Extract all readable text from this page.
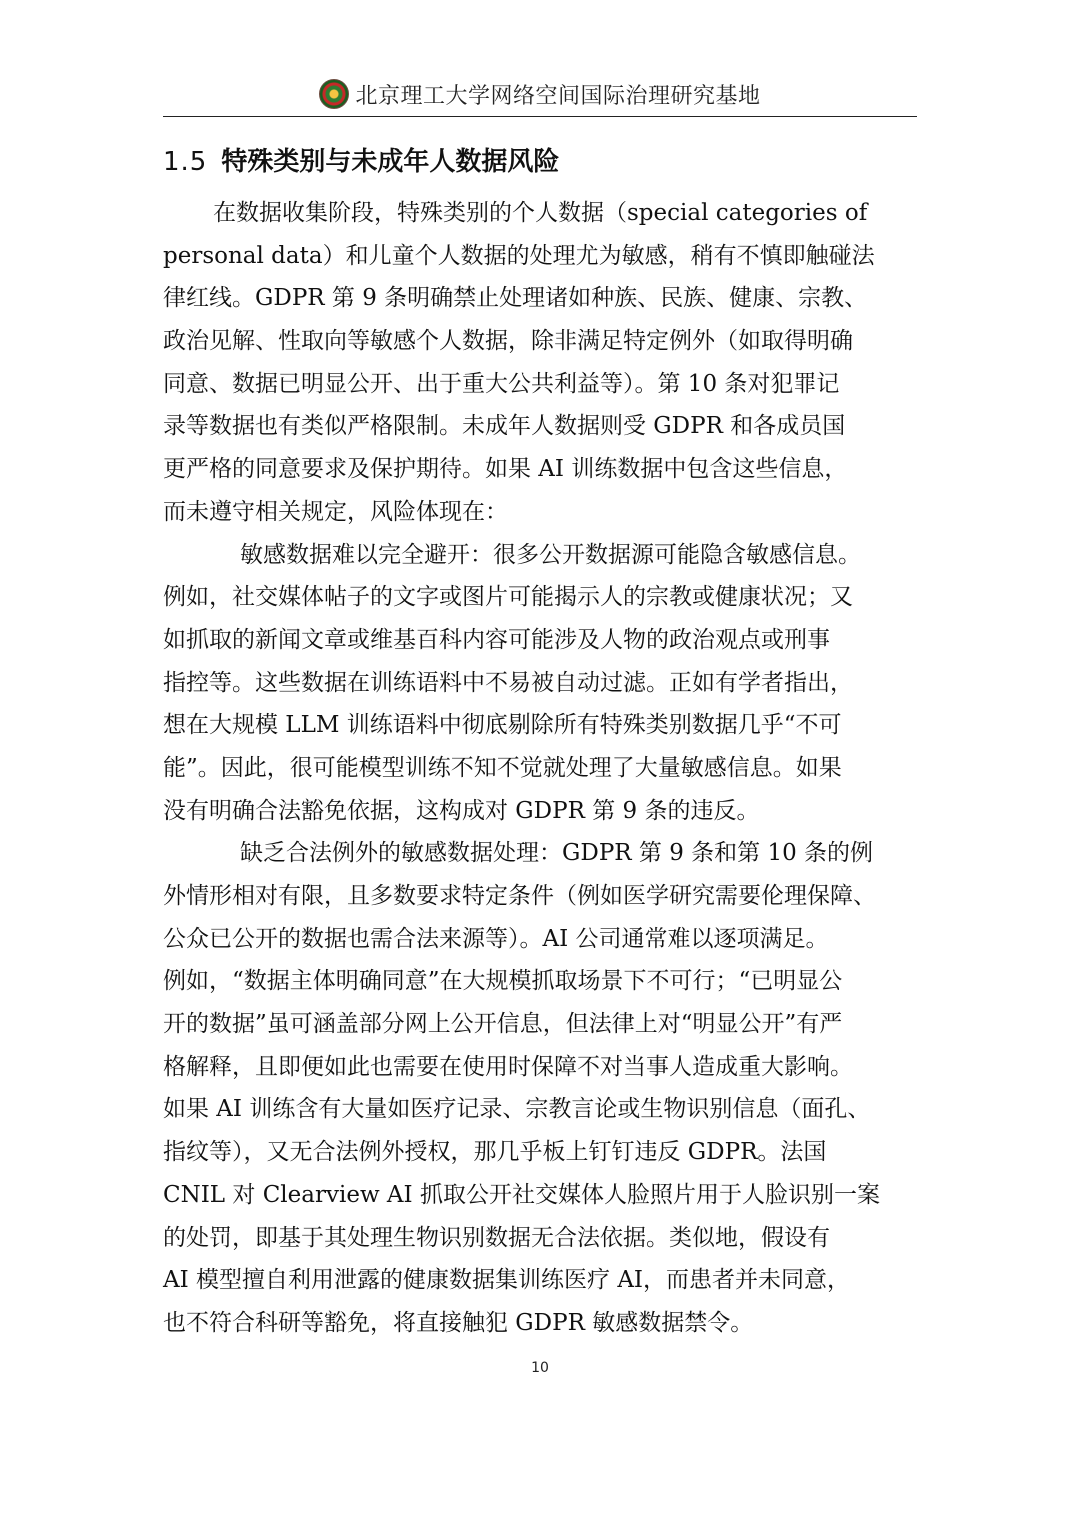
北京理工大学网络空间国际治理研究基地
1.5 特殊类别与未成年人数据风险
在数据收集阶段，特殊类别的个人数据（special categories of
personal data）和儿童个人数据的处理尤为敏感，稍有不慎即触碰法
律红线。GDPR 第 9 条明确禁止处理诸如种族、民族、健康、宗教、
政治见解、性取向等敏感个人数据，除非满足特定例外（如取得明确
同意、数据已明显公开、出于重大公共利益等）。第 10 条对犯罪记
录等数据也有类似严格限制。未成年人数据则受 GDPR 和各成员国
更严格的同意要求及保护期待。如果 AI 训练数据中包含这些信息，
而未遵守相关规定，风险体现在：
敏感数据难以完全避开：很多公开数据源可能隐含敏感信息。
例如，社交媒体帖子的文字或图片可能揭示人的宗教或健康状况；又
如抓取的新闻文章或维基百科内容可能涉及人物的政治观点或刑事
指控等。这些数据在训练语料中不易被自动过滤。正如有学者指出，
想在大规模 LLM 训练语料中彻底剔除所有特殊类别数据几乎“不可
能”。因此，很可能模型训练不知不觉就处理了大量敏感信息。如果
没有明确合法豁免依据，这构成对 GDPR 第 9 条的违反。
缺乏合法例外的敏感数据处理：GDPR 第 9 条和第 10 条的例
外情形相对有限，且多数要求特定条件（例如医学研究需要伦理保障、
公众已公开的数据也需合法来源等）。AI 公司通常难以逐项满足。
例如，“数据主体明确同意”在大规模抓取场景下不可行；“已明显公
开的数据”虽可涵盖部分网上公开信息，但法律上对“明显公开”有严
格解释，且即便如此也需要在使用时保障不对当事人造成重大影响。
如果 AI 训练含有大量如医疗记录、宗教言论或生物识别信息（面孔、
指纹等），又无合法例外授权，那几乎板上钉钉违反 GDPR。法国
CNIL 对 Clearview AI 抓取公开社交媒体人脸照片用于人脸识别一案
的处罚，即基于其处理生物识别数据无合法依据。类似地，假设有
AI 模型擅自利用泄露的健康数据集训练医疗 AI，而患者并未同意，
也不符合科研等豁免，将直接触犯 GDPR 敏感数据禁令。
10
